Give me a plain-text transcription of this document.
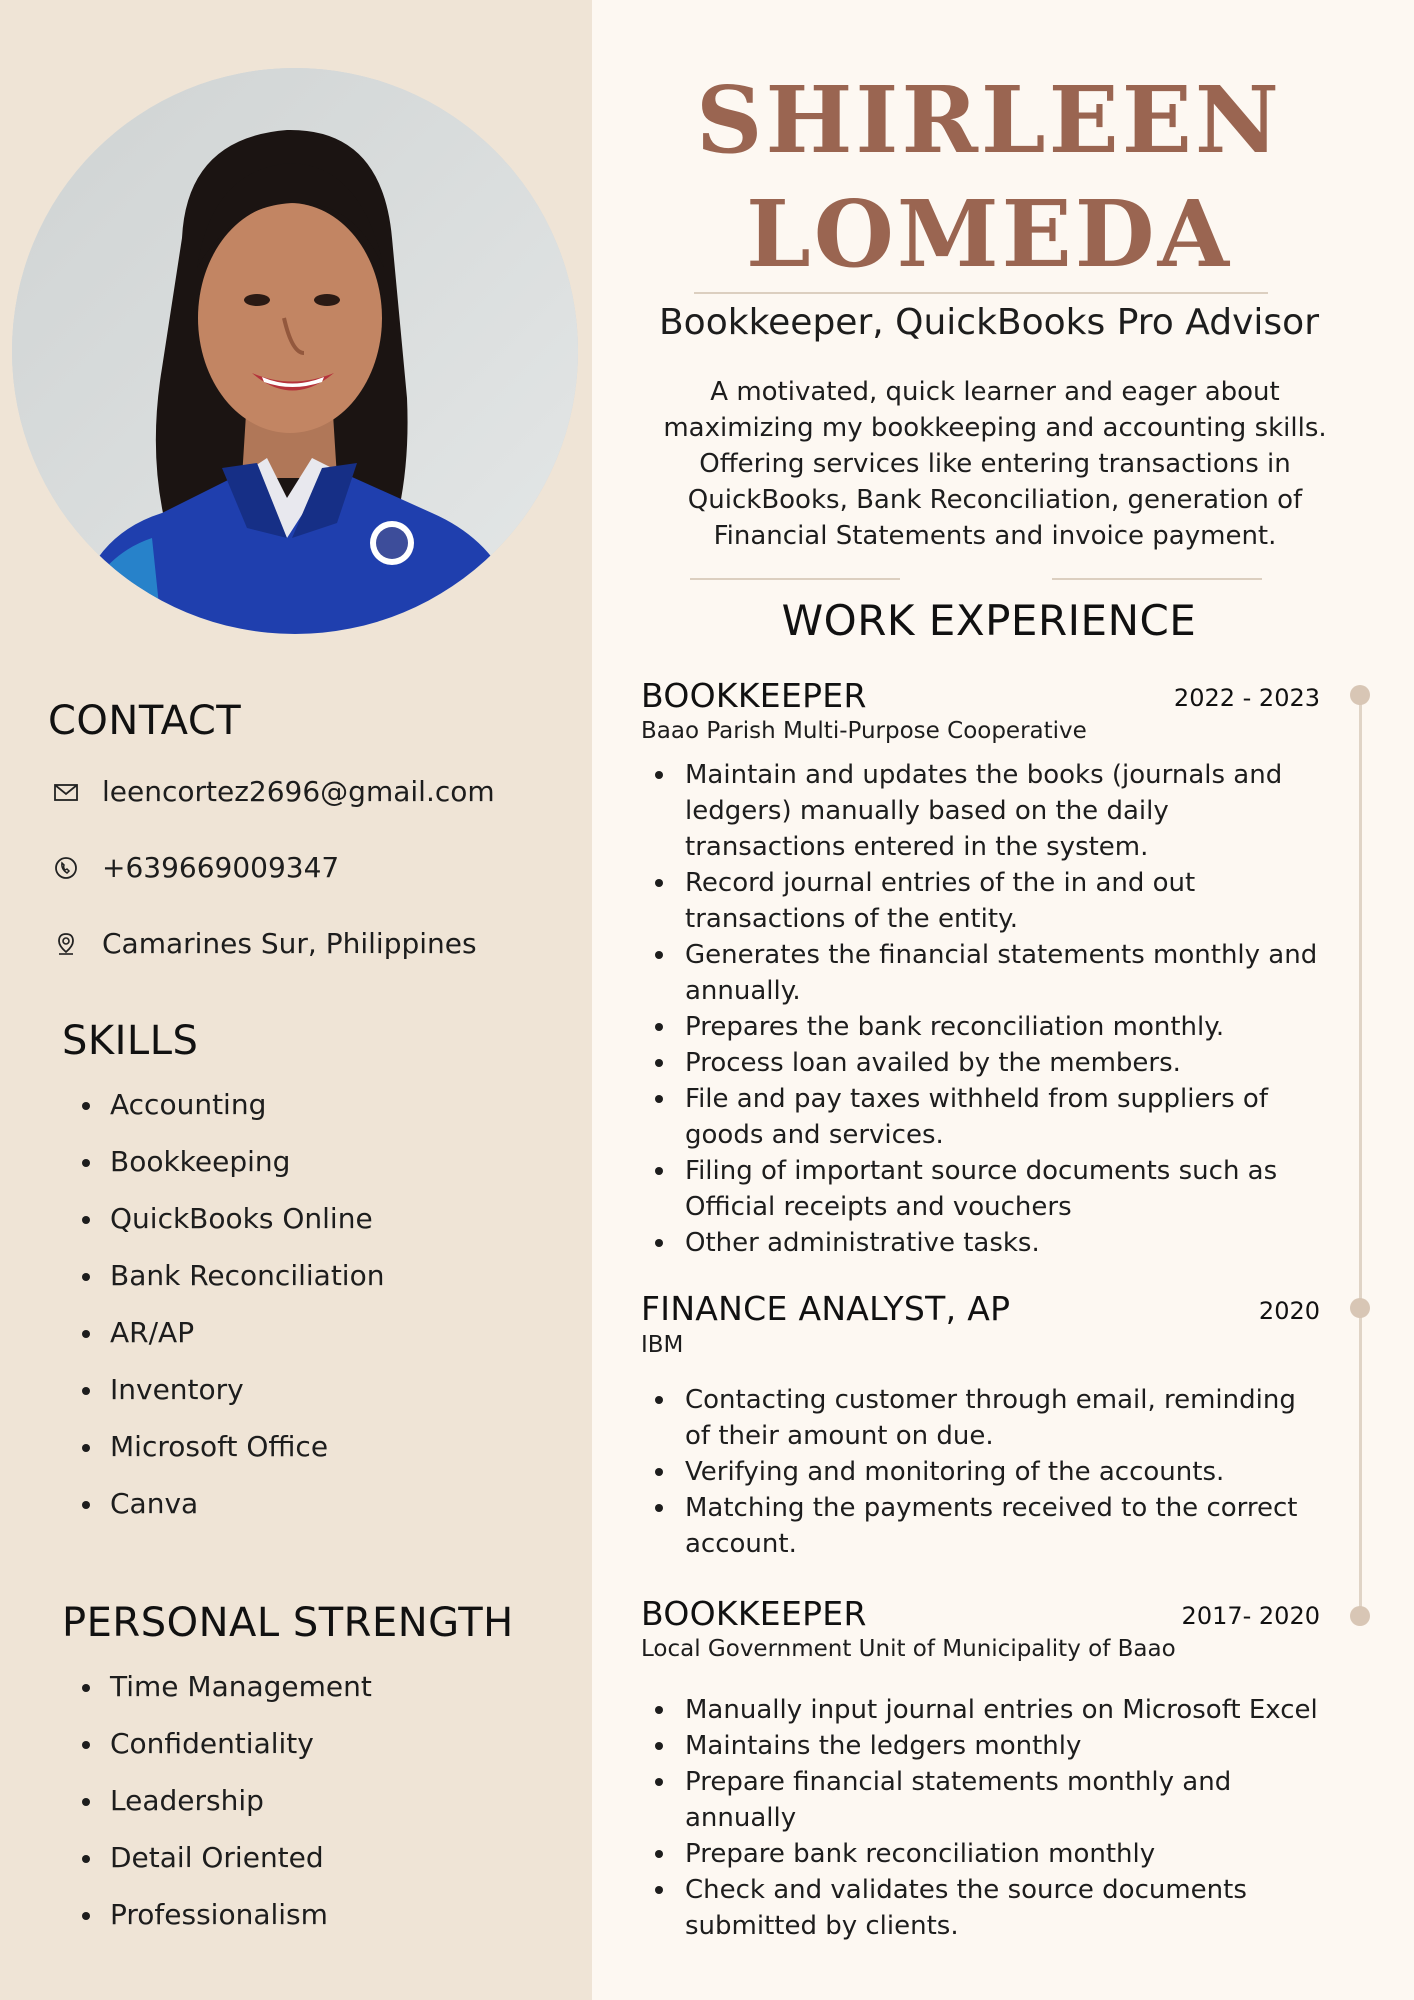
CONTACT
leencortez2696@gmail.com
+639669009347
Camarines Sur, Philippines
SKILLS
Accounting
Bookkeeping
QuickBooks Online
Bank Reconciliation
AR/AP
Inventory
Microsoft Office
Canva
PERSONAL STRENGTH
Time Management
Confidentiality
Leadership
Detail Oriented
Professionalism
SHIRLEEN
LOMEDA
Bookkeeper, QuickBooks Pro Advisor
A motivated, quick learner and eager about maximizing my bookkeeping and accounting skills. Offering services like entering transactions in QuickBooks, Bank Reconciliation, generation of Financial Statements and invoice payment.
WORK EXPERIENCE
BOOKKEEPER	2022 - 2023
Baao Parish Multi-Purpose Cooperative
Maintain and updates the books (journals and ledgers) manually based on the daily transactions entered in the system.
Record journal entries of the in and out transactions of the entity.
Generates the financial statements monthly and annually.
Prepares the bank reconciliation monthly.
Process loan availed by the members.
File and pay taxes withheld from suppliers of goods and services.
Filing of important source documents such as Official receipts and vouchers
Other administrative tasks.
FINANCE ANALYST, AP	2020
IBM
Contacting customer through email, reminding of their amount on due.
Verifying and monitoring of the accounts.
Matching the payments received to the correct account.
BOOKKEEPER	2017- 2020
Local Government Unit of Municipality of Baao
Manually input journal entries on Microsoft Excel
Maintains the ledgers monthly
Prepare financial statements monthly and annually
Prepare bank reconciliation monthly
Check and validates the source documents submitted by clients.
